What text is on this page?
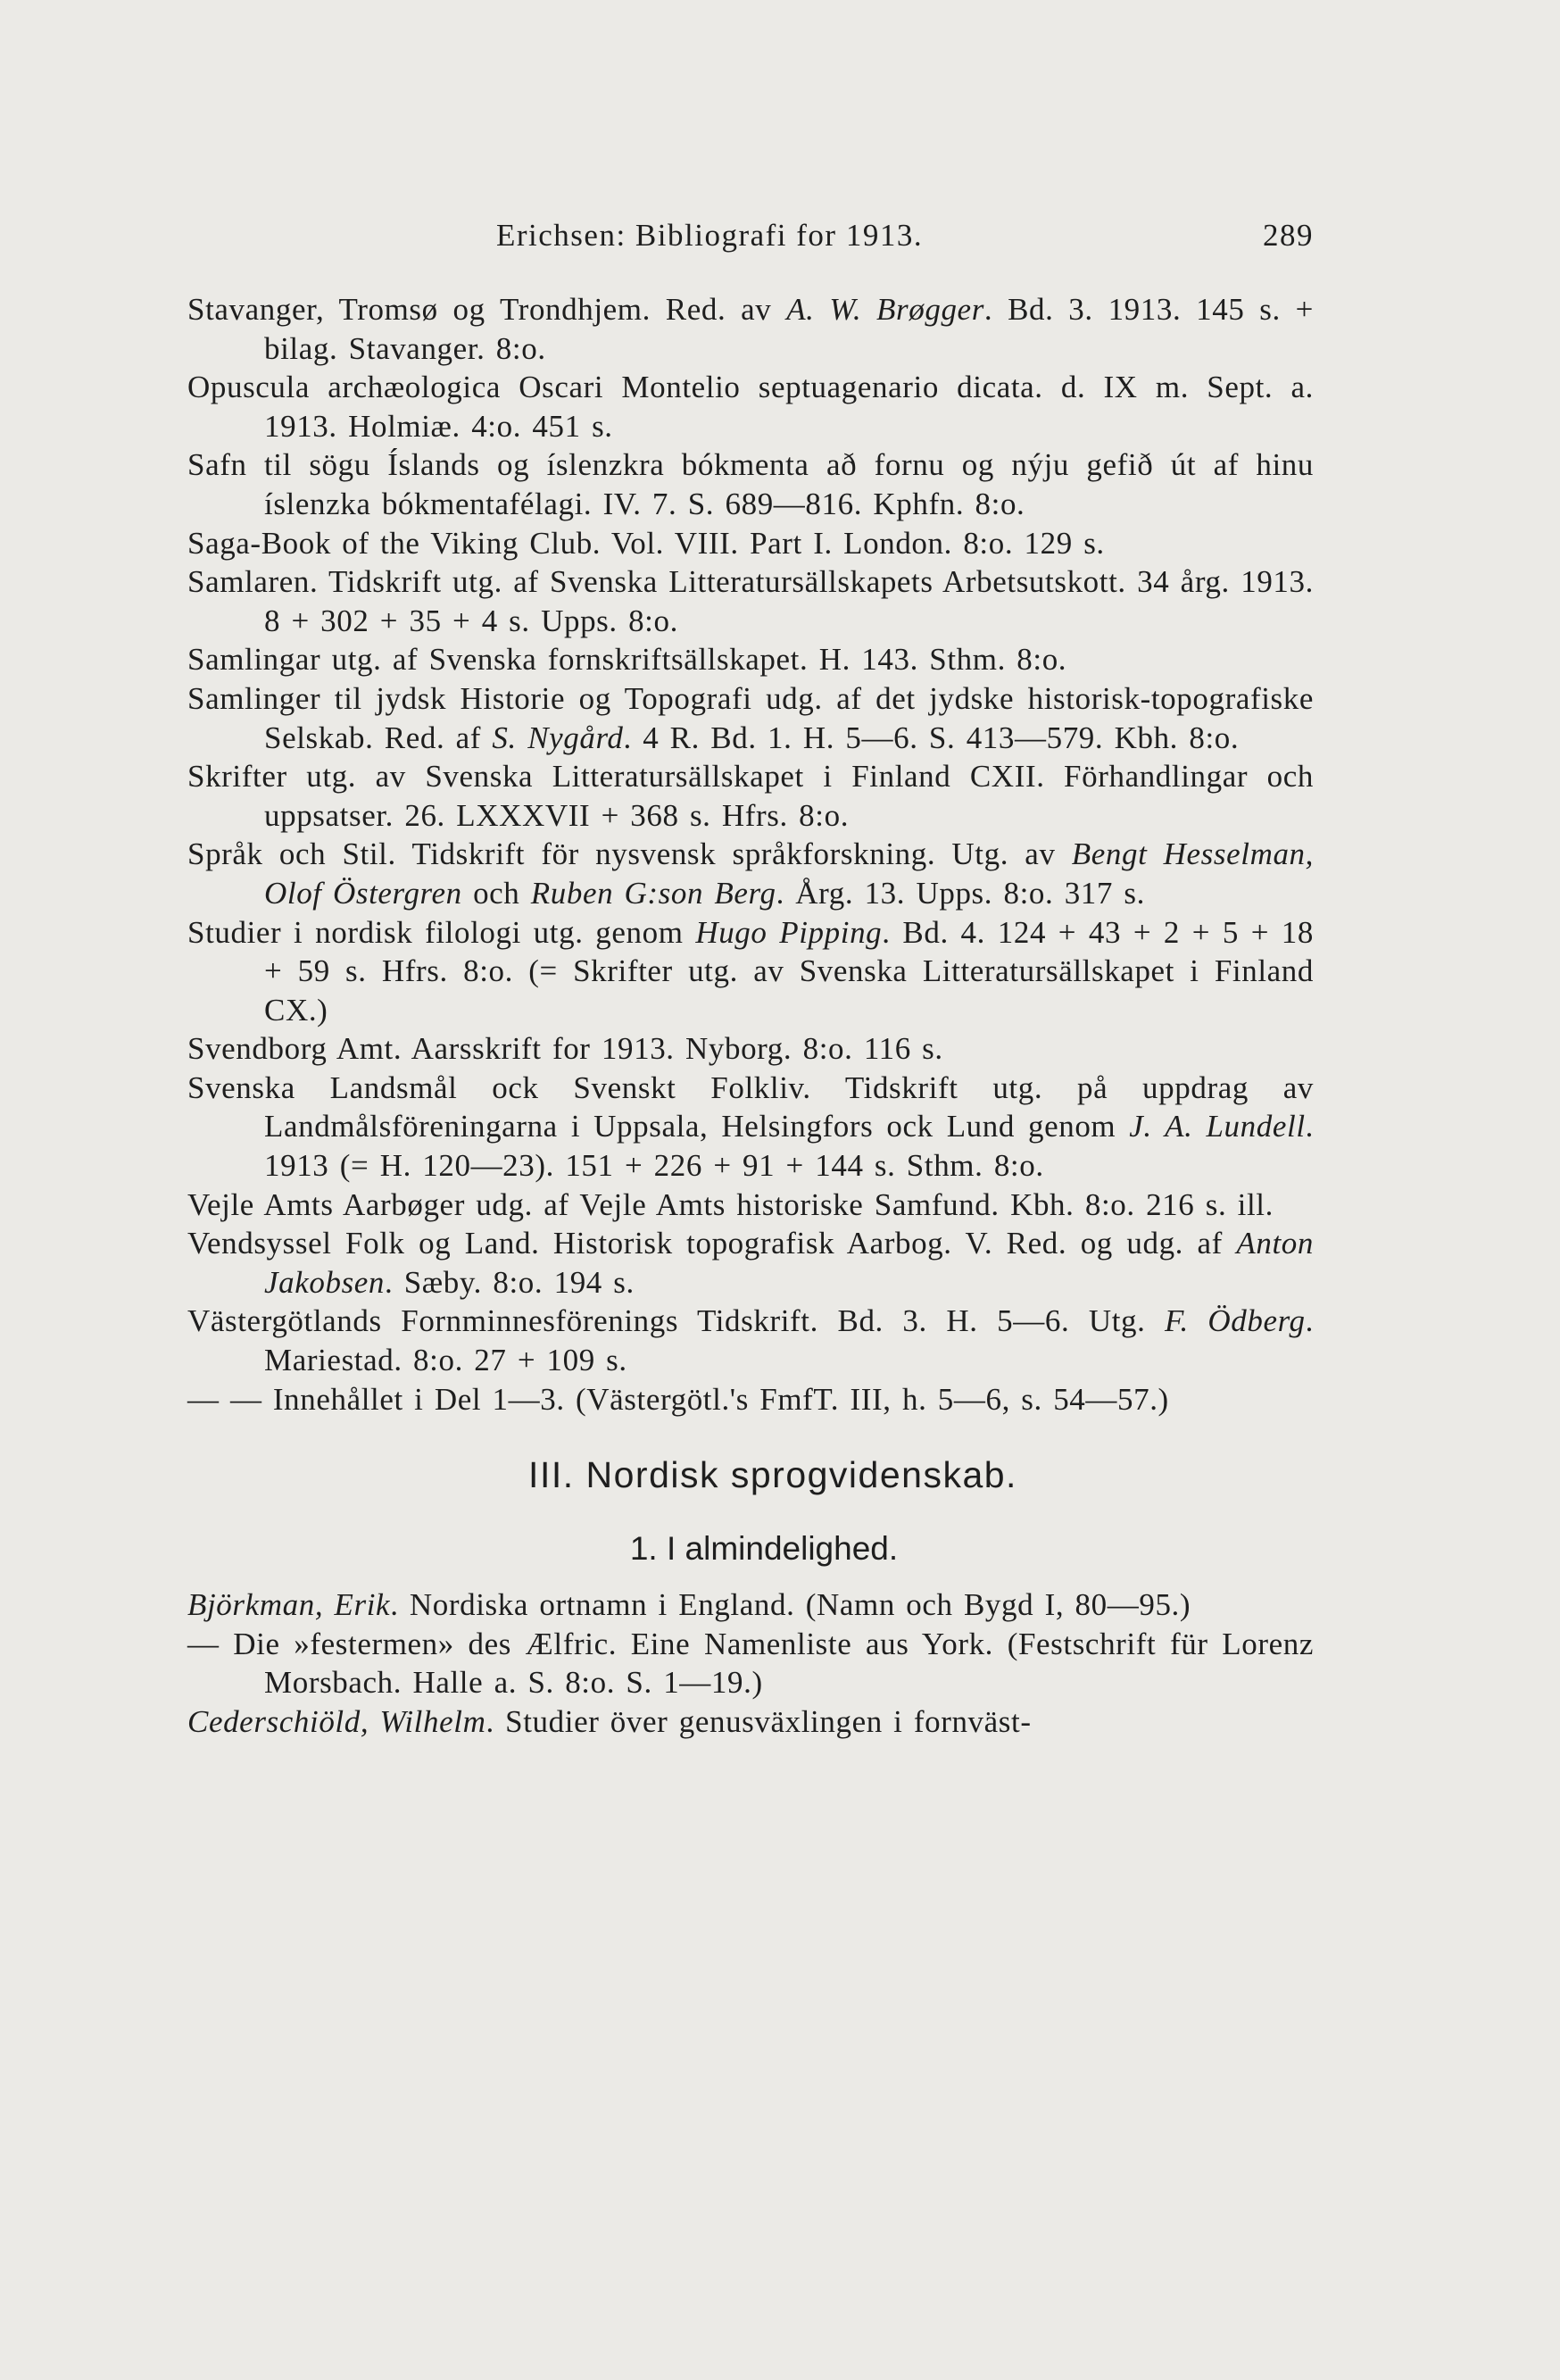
Erichsen: Bibliografi for 1913.	289
Stavanger, Tromsø og Trondhjem. Red. av A. W. Brøgger. Bd. 3. 1913. 145 s. + bilag. Stavanger. 8:o.
Opuscula archæologica Oscari Montelio septuagenario dicata. d. IX m. Sept. a. 1913. Holmiæ. 4:o. 451 s.
Safn til sögu Íslands og íslenzkra bókmenta að fornu og nýju gefið út af hinu íslenzka bókmentafélagi. IV. 7. S. 689—816. Kphfn. 8:o.
Saga-Book of the Viking Club. Vol. VIII. Part I. London. 8:o. 129 s.
Samlaren. Tidskrift utg. af Svenska Litteratursällskapets Arbetsutskott. 34 årg. 1913. 8 + 302 + 35 + 4 s. Upps. 8:o.
Samlingar utg. af Svenska fornskriftsällskapet. H. 143. Sthm. 8:o.
Samlinger til jydsk Historie og Topografi udg. af det jydske historisk-topografiske Selskab. Red. af S. Nygård. 4 R. Bd. 1. H. 5—6. S. 413—579. Kbh. 8:o.
Skrifter utg. av Svenska Litteratursällskapet i Finland CXII. Förhandlingar och uppsatser. 26. LXXXVII + 368 s. Hfrs. 8:o.
Språk och Stil. Tidskrift för nysvensk språkforskning. Utg. av Bengt Hesselman, Olof Östergren och Ruben G:son Berg. Årg. 13. Upps. 8:o. 317 s.
Studier i nordisk filologi utg. genom Hugo Pipping. Bd. 4. 124 + 43 + 2 + 5 + 18 + 59 s. Hfrs. 8:o. (= Skrifter utg. av Svenska Litteratursällskapet i Finland CX.)
Svendborg Amt. Aarsskrift for 1913. Nyborg. 8:o. 116 s.
Svenska Landsmål ock Svenskt Folkliv. Tidskrift utg. på uppdrag av Landmålsföreningarna i Uppsala, Helsingfors ock Lund genom J. A. Lundell. 1913 (= H. 120—23). 151 + 226 + 91 + 144 s. Sthm. 8:o.
Vejle Amts Aarbøger udg. af Vejle Amts historiske Samfund. Kbh. 8:o. 216 s. ill.
Vendsyssel Folk og Land. Historisk topografisk Aarbog. V. Red. og udg. af Anton Jakobsen. Sæby. 8:o. 194 s.
Västergötlands Fornminnesförenings Tidskrift. Bd. 3. H. 5—6. Utg. F. Ödberg. Mariestad. 8:o. 27 + 109 s.
— — Innehållet i Del 1—3. (Västergötl.'s FmfT. III, h. 5—6, s. 54—57.)
III. Nordisk sprogvidenskab.
1. I almindelighed.
Björkman, Erik. Nordiska ortnamn i England. (Namn och Bygd I, 80—95.)
— Die »festermen» des Ælfric. Eine Namenliste aus York. (Festschrift für Lorenz Morsbach. Halle a. S. 8:o. S. 1—19.)
Cederschiöld, Wilhelm. Studier över genusväxlingen i fornväst-
